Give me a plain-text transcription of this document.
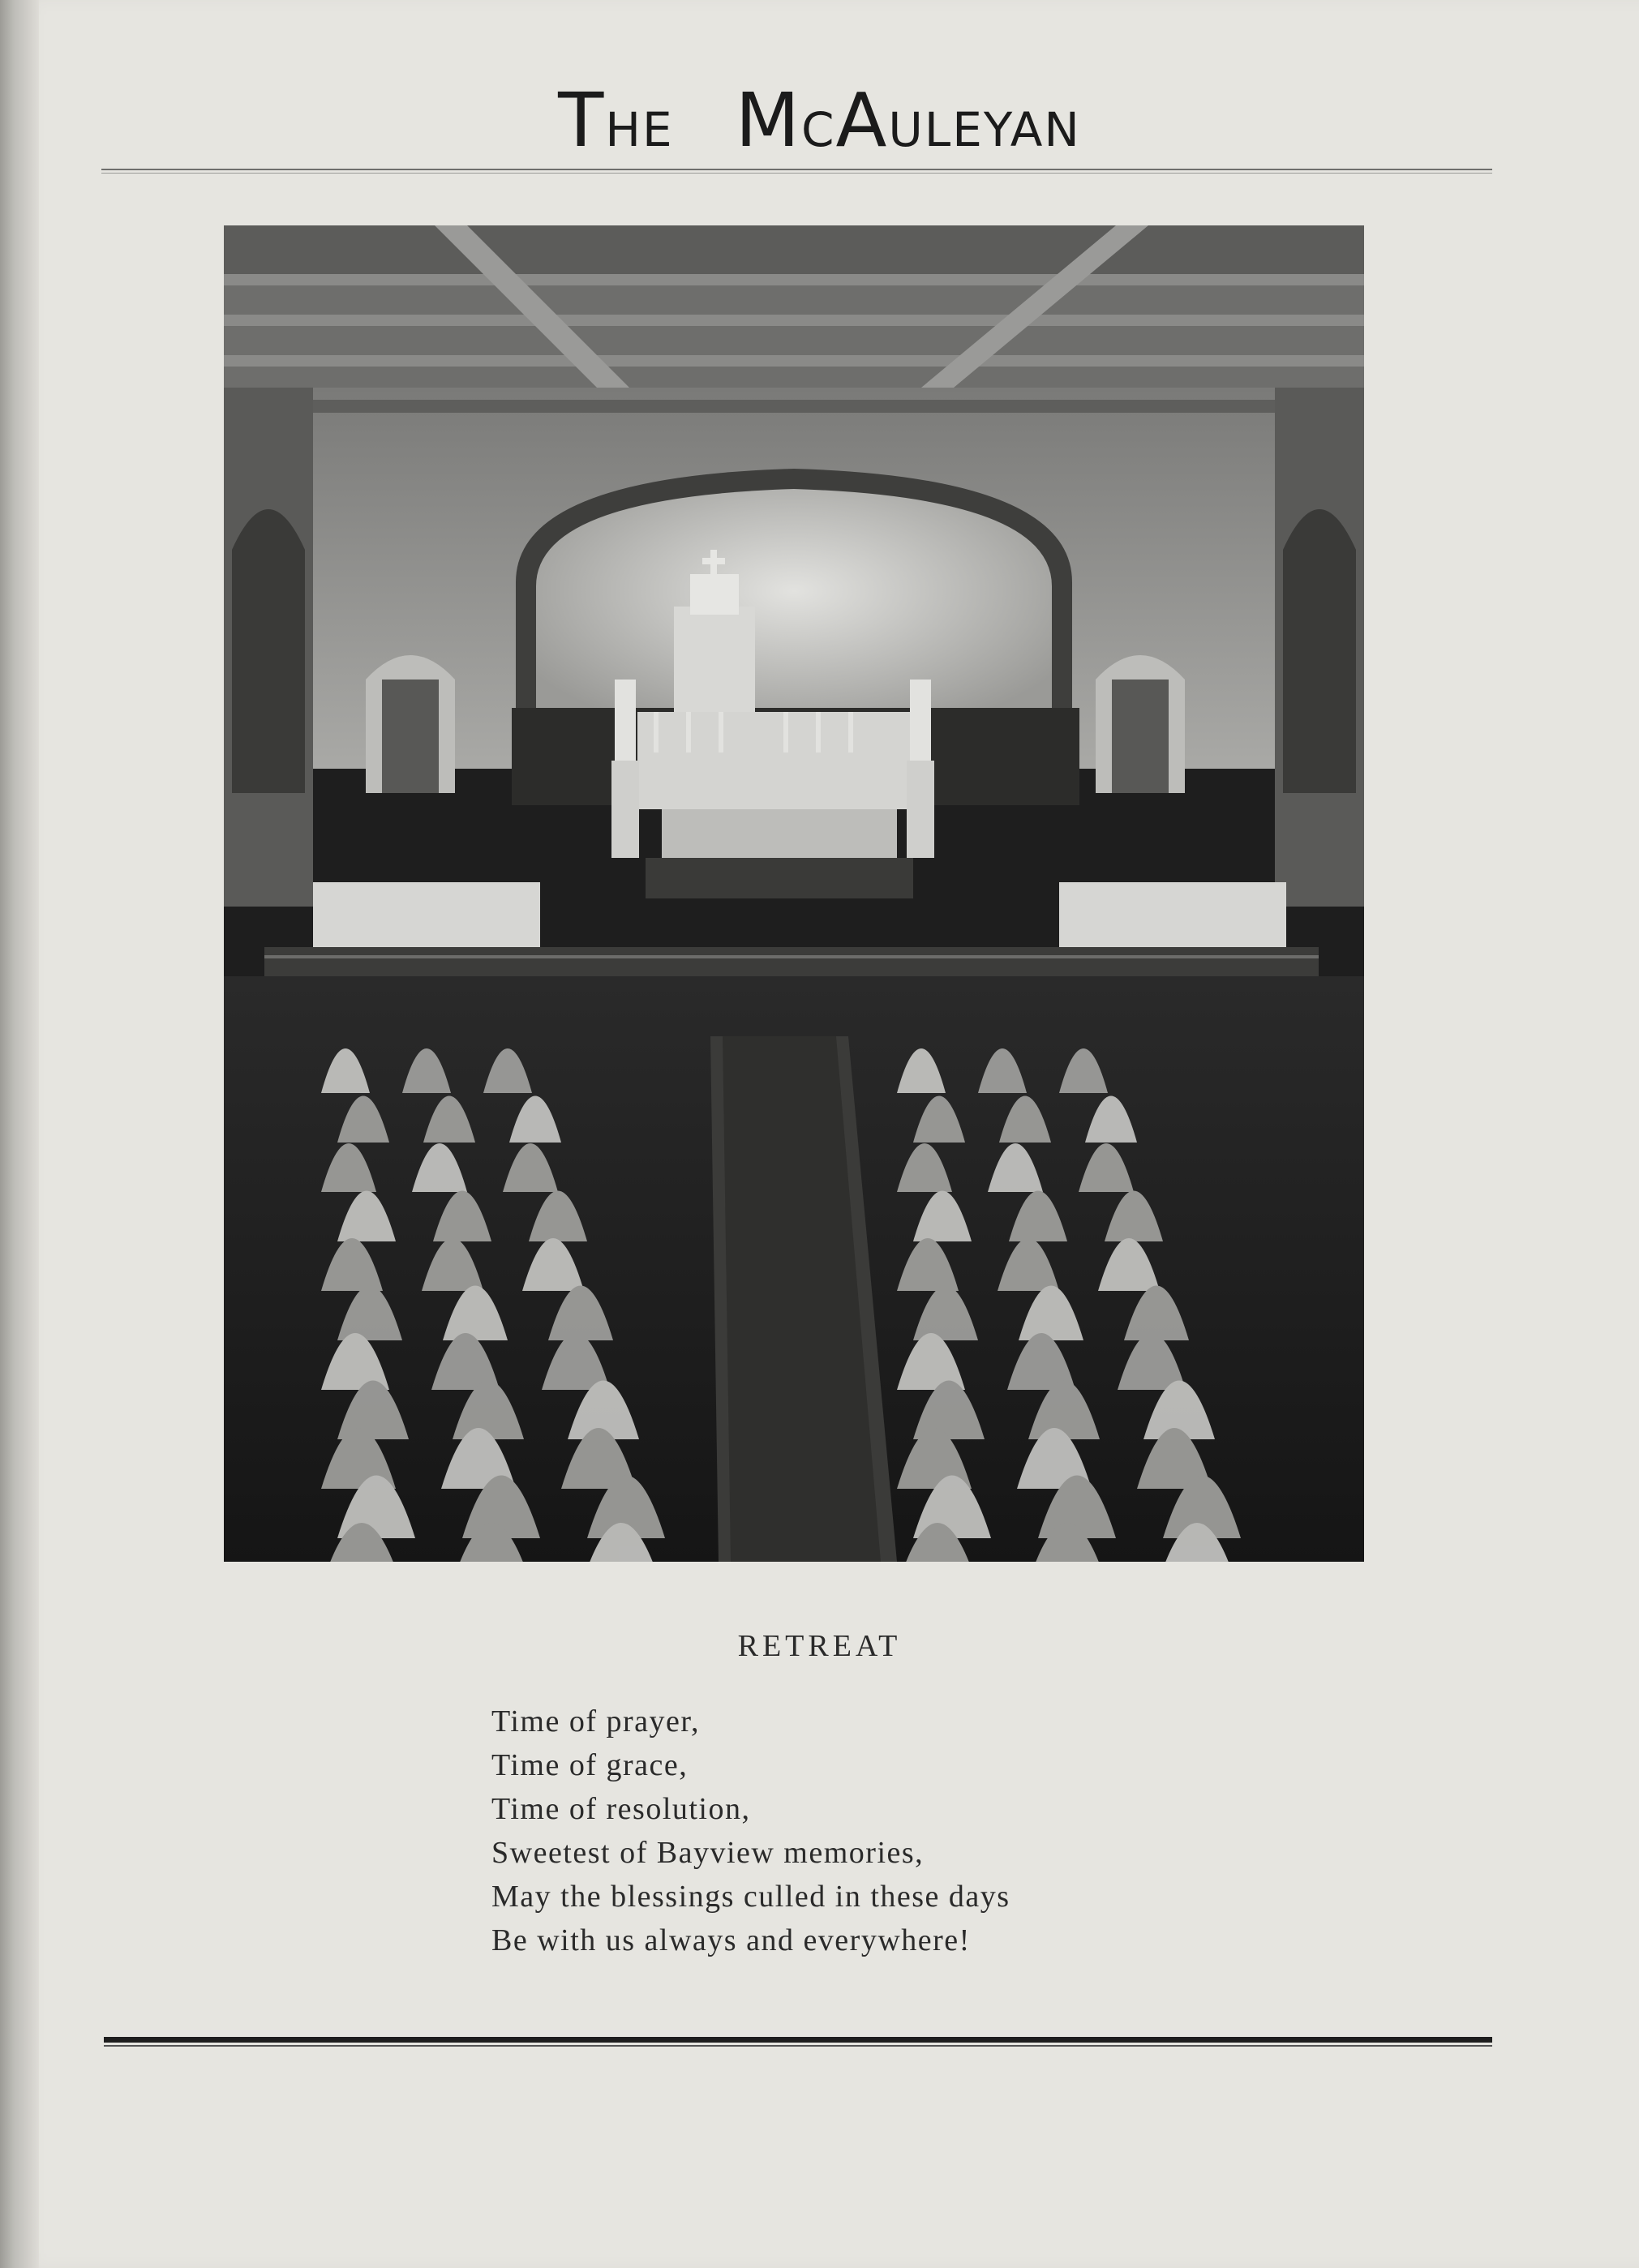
THE MCAULEYAN
RETREAT
Time of prayer,
Time of grace,
Time of resolution,
Sweetest of Bayview memories,
May the blessings culled in these days
Be with us always and everywhere!
